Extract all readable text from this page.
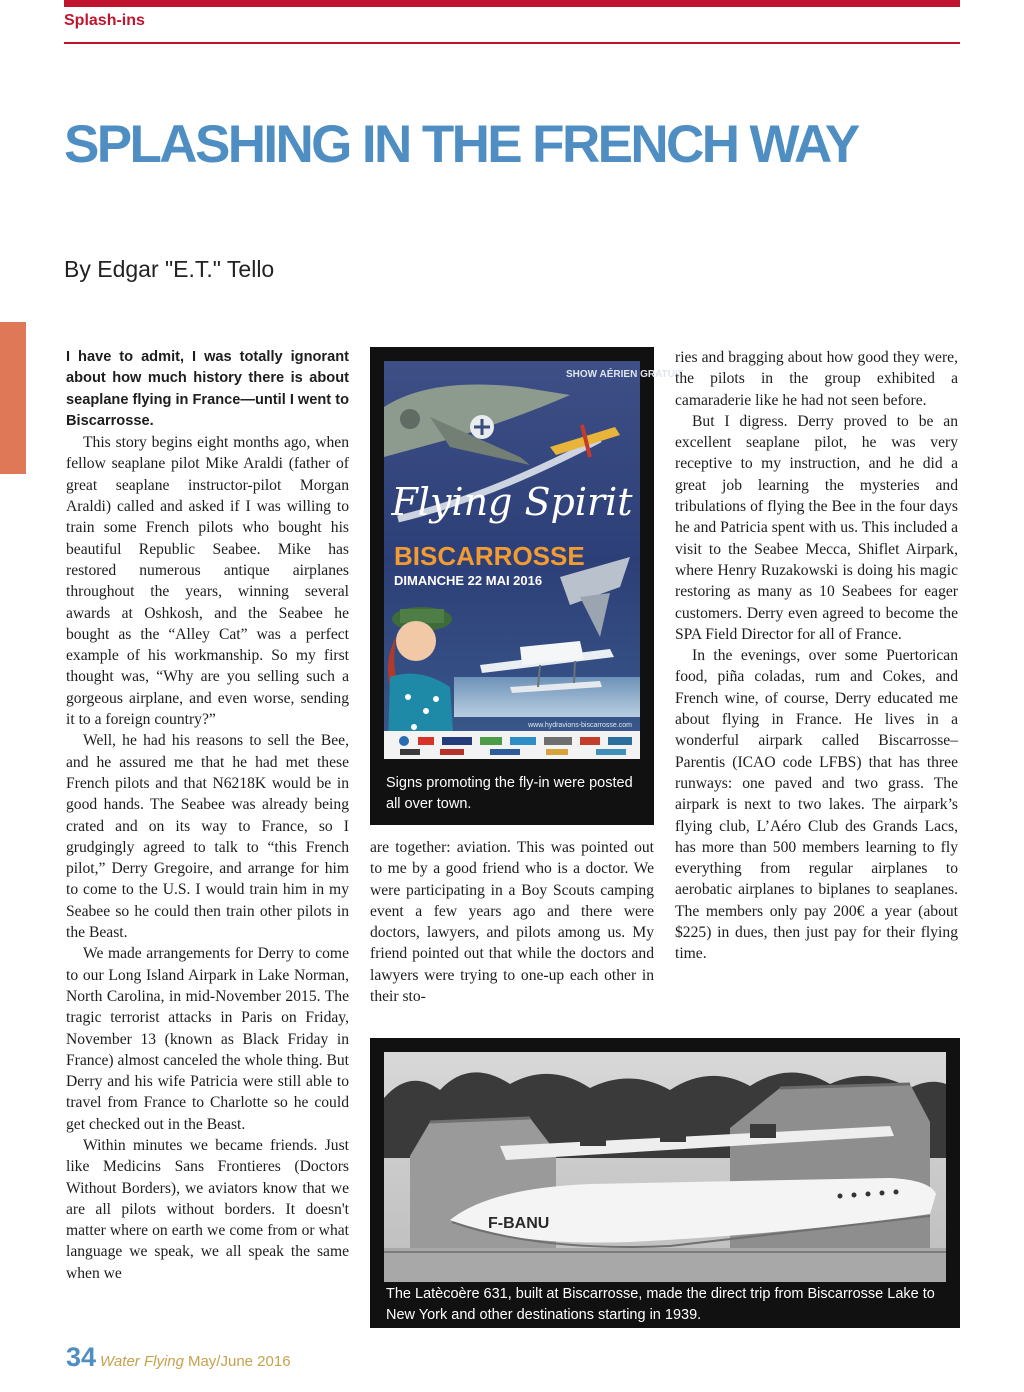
Splash-ins
SPLASHING IN THE FRENCH WAY
By Edgar "E.T." Tello

I have to admit, I was totally ignorant about how much history there is about seaplane flying in France—until I went to Biscarrosse.

This story begins eight months ago, when fellow seaplane pilot Mike Araldi (father of great seaplane instructor-pilot Morgan Araldi) called and asked if I was willing to train some French pilots who bought his beautiful Republic Seabee. Mike has restored numerous antique airplanes throughout the years, winning several awards at Oshkosh, and the Seabee he bought as the “Alley Cat” was a perfect example of his workmanship. So my first thought was, “Why are you selling such a gorgeous airplane, and even worse, sending it to a foreign country?”

Well, he had his reasons to sell the Bee, and he assured me that he had met these French pilots and that N6218K would be in good hands. The Seabee was already being crated and on its way to France, so I grudgingly agreed to talk to “this French pilot,” Derry Gregoire, and arrange for him to come to the U.S. I would train him in my Seabee so he could then train other pilots in the Beast.

We made arrangements for Derry to come to our Long Island Airpark in Lake Norman, North Carolina, in mid-November 2015. The tragic terrorist attacks in Paris on Friday, November 13 (known as Black Friday in France) almost canceled the whole thing. But Derry and his wife Patricia were still able to travel from France to Charlotte so he could get checked out in the Beast.

Within minutes we became friends. Just like Medicins Sans Frontieres (Doctors Without Borders), we aviators know that we are all pilots without borders. It doesn't matter where on earth we come from or what language we speak, we all speak the same when we

SHOW AÉRIEN GRATUIT
Flying Spirit
BISCARROSSE
DIMANCHE 22 MAI 2016
www.hydravions-biscarrosse.com
Signs promoting the fly-in were posted all over town.

are together: aviation. This was pointed out to me by a good friend who is a doctor. We were participating in a Boy Scouts camping event a few years ago and there were doctors, lawyers, and pilots among us. My friend pointed out that while the doctors and lawyers were trying to one-up each other in their sto-

ries and bragging about how good they were, the pilots in the group exhibited a camaraderie like he had not seen before.

But I digress. Derry proved to be an excellent seaplane pilot, he was very receptive to my instruction, and he did a great job learning the mysteries and tribulations of flying the Bee in the four days he and Patricia spent with us. This included a visit to the Seabee Mecca, Shiflet Airpark, where Henry Ruzakowski is doing his magic restoring as many as 10 Seabees for eager customers. Derry even agreed to become the SPA Field Director for all of France.

In the evenings, over some Puertorican food, piña coladas, rum and Cokes, and French wine, of course, Derry educated me about flying in France. He lives in a wonderful airpark called Biscarrosse–Parentis (ICAO code LFBS) that has three runways: one paved and two grass. The airpark is next to two lakes. The airpark’s flying club, L’Aéro Club des Grands Lacs, has more than 500 members learning to fly everything from regular airplanes to aerobatic airplanes to biplanes to seaplanes. The members only pay 200€ a year (about $225) in dues, then just pay for their flying time.

F-BANU
The Latècoère 631, built at Biscarrosse, made the direct trip from Biscarrosse Lake to New York and other destinations starting in 1939.
34 Water Flying May/June 2016
